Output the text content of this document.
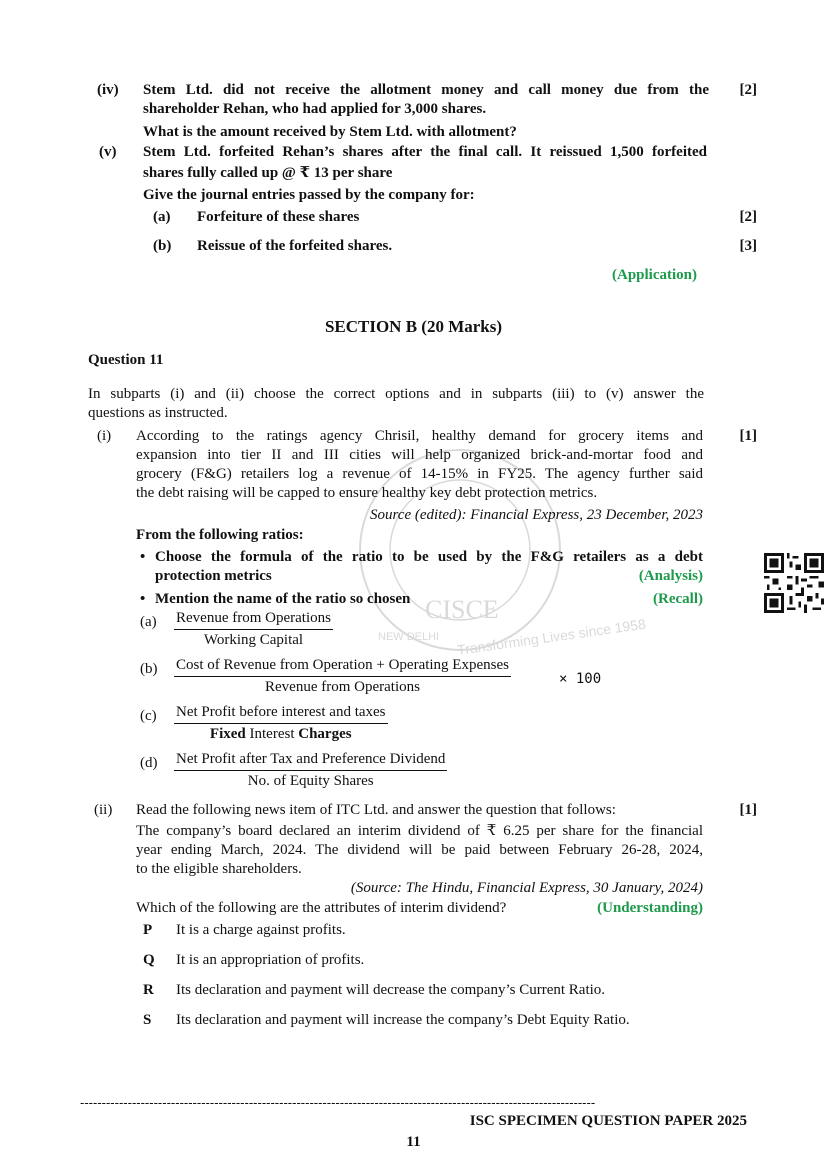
CISCE
NEW DELHI Transforming Lives since 1958
(iv) Stem Ltd. did not receive the allotment money and call money due from the	[2]
shareholder Rehan, who had applied for 3,000 shares.
What is the amount received by Stem Ltd. with allotment?
(v) Stem Ltd. forfeited Rehan’s shares after the final call. It reissued 1,500 forfeited
shares fully called up @ ₹ 13 per share
Give the journal entries passed by the company for:
(a) Forfeiture of these shares	[2]
(b) Reissue of the forfeited shares.	[3]
(Application)
SECTION B (20 Marks)
Question 11
In subparts (i) and (ii) choose the correct options and in subparts (iii) to (v) answer the
questions as instructed.
(i)	[1]
According to the ratings agency Chrisil, healthy demand for grocery items and
expansion into tier II and III cities will help organized brick-and-mortar food and
grocery (F&G) retailers log a revenue of 14-15% in FY25. The agency further said
the debt raising will be capped to ensure healthy key debt protection metrics.
Source (edited): Financial Express, 23 December, 2023
From the following ratios:
• Choose the formula of the ratio to be used by the F&G retailers as a debt
protection metrics	(Analysis)
• Mention the name of the ratio so chosen	(Recall)
(a) Revenue from Operations
Working Capital
(b) Cost of Revenue from Operation + Operating Expenses
Revenue from Operations	× 100
(c) Net Profit before interest and taxes
Fixed Interest Charges
(d) Net Profit after Tax and Preference Dividend
No. of Equity Shares
(ii) Read the following news item of ITC Ltd. and answer the question that follows:	[1]
The company’s board declared an interim dividend of ₹ 6.25 per share for the financial
year ending March, 2024. The dividend will be paid between February 26-28, 2024,
to the eligible shareholders.
(Source: The Hindu, Financial Express, 30 January, 2024)
Which of the following are the attributes of interim dividend?	(Understanding)
P It is a charge against profits.
Q It is an appropriation of profits.
R Its declaration and payment will decrease the company’s Current Ratio.
S Its declaration and payment will increase the company’s Debt Equity Ratio.
-----------------------------------------------------------------------------------------------------------------------
ISC SPECIMEN QUESTION PAPER 2025
11
